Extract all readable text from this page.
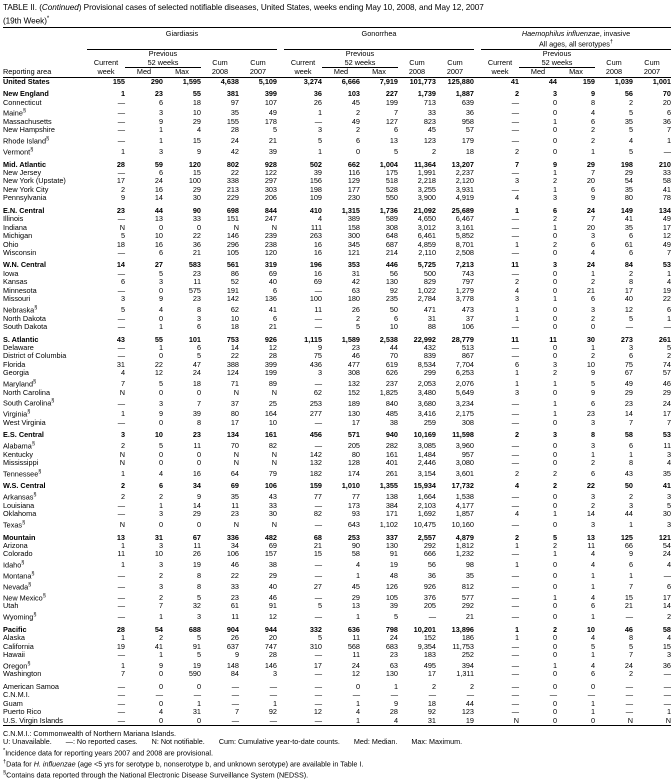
TABLE II. (Continued) Provisional cases of selected notifiable diseases, United States, weeks ending May 10, 2008, and May 12, 2007
(19th Week)*

	Giardiasis						Gonorrhea						Haemophilus influenzae, invasive				
													All ages, all serotypes†
		Previous						Previous						Previous			
	Current	52 weeks		Cum	Cum		Current	52 weeks		Cum	Cum		Current	52 weeks		Cum	Cum
Reporting area	week	Med	Max	2008	2007		week	Med	Max	2008	2007		week	Med	Max	2008	2007
United States	155	290	1,595	4,638	5,109		3,274	6,666	7,919	101,773	125,880		41	44	159	1,039	1,001

New England	1	23	55	381	399		36	103	227	1,739	1,887		2	3	9	56	70
Connecticut	—	6	18	97	107		26	45	199	713	639		—	0	8	2	20
Maine§	—	3	10	35	49		1	2	7	33	36		—	0	4	5	6
Massachusetts	—	9	29	155	178		—	49	127	823	958		—	1	6	35	36
New Hampshire	—	1	4	28	5		3	2	6	45	57		—	0	2	5	7
Rhode Island§	—	1	15	24	21		5	6	13	123	179		—	0	2	4	1
Vermont§	1	3	9	42	39		1	0	5	2	18		2	0	1	5	—

Mid. Atlantic	28	59	120	802	928		502	662	1,004	11,364	13,207		7	9	29	198	210
New Jersey	—	6	15	22	122		39	116	175	1,991	2,237		—	1	7	29	33
New York (Upstate)	17	24	100	338	297		156	129	518	2,218	2,120		3	2	20	54	58
New York City	2	16	29	213	303		198	177	528	3,255	3,931		—	1	6	35	41
Pennsylvania	9	14	30	229	206		109	230	550	3,900	4,919		4	3	9	80	78

E.N. Central	23	44	90	698	844		410	1,315	1,736	21,092	25,689		1	6	24	149	134
Illinois	—	13	33	151	247		4	389	589	4,650	6,467		—	2	7	41	49
Indiana	N	0	0	N	N		111	158	308	3,012	3,161		—	1	20	35	17
Michigan	5	10	22	146	239		263	300	648	6,461	5,852		—	0	3	6	12
Ohio	18	16	36	296	238		16	345	687	4,859	8,701		1	2	6	61	49
Wisconsin	—	6	21	105	120		16	121	214	2,110	2,508		—	0	4	6	7

W.N. Central	14	27	583	561	319		196	353	446	5,725	7,213		11	3	24	84	53
Iowa	—	5	23	86	69		16	31	56	500	743		—	0	1	2	1
Kansas	6	3	11	52	40		69	42	130	829	797		2	0	2	8	4
Minnesota	—	0	575	191	6		—	63	92	1,022	1,279		4	0	21	17	19
Missouri	3	9	23	142	136		100	180	235	2,784	3,778		3	1	6	40	22
Nebraska§	5	4	8	62	41		11	26	50	471	473		1	0	3	12	6
North Dakota	—	0	3	10	6		—	2	6	31	37		1	0	2	5	1
South Dakota	—	1	6	18	21		—	5	10	88	106		—	0	0	—	—

S. Atlantic	43	55	101	753	926		1,115	1,589	2,538	22,992	28,779		11	11	30	273	261
Delaware	—	1	6	14	12		9	23	44	432	513		—	0	1	3	5
District of Columbia	—	0	5	22	28		75	46	70	839	867		—	0	2	6	2
Florida	31	22	47	388	399		436	477	619	8,534	7,704		6	3	10	75	74
Georgia	4	12	24	124	199		3	308	626	299	6,253		1	2	9	67	57
Maryland§	7	5	18	71	89		—	132	237	2,053	2,076		1	1	5	49	46
North Carolina	N	0	0	N	N		62	152	1,825	3,480	5,649		3	0	9	29	29
South Carolina§	—	3	7	37	25		253	189	840	3,680	3,234		—	1	6	23	24
Virginia§	1	9	39	80	164		277	130	485	3,416	2,175		—	1	23	14	17
West Virginia	—	0	8	17	10		—	17	38	259	308		—	0	3	7	7

E.S. Central	3	10	23	134	161		456	571	940	10,169	11,598		2	3	8	58	53
Alabama§	2	5	11	70	82		—	205	282	3,085	3,960		—	0	3	6	11
Kentucky	N	0	0	N	N		142	80	161	1,484	957		—	0	1	1	3
Mississippi	N	0	0	N	N		132	128	401	2,446	3,080		—	0	2	8	4
Tennessee§	1	4	16	64	79		182	174	261	3,154	3,601		2	2	6	43	35

W.S. Central	2	6	34	69	106		159	1,010	1,355	15,934	17,732		4	2	22	50	41
Arkansas§	2	2	9	35	43		77	77	138	1,664	1,538		—	0	3	2	3
Louisiana	—	1	14	11	33		—	173	384	2,103	4,177		—	0	2	3	5
Oklahoma	—	3	29	23	30		82	93	171	1,692	1,857		4	1	14	44	30
Texas§	N	0	0	N	N		—	643	1,102	10,475	10,160		—	0	3	1	3

Mountain	13	31	67	336	482		68	253	337	2,557	4,879		2	5	13	125	121
Arizona	1	3	11	34	69		21	90	130	292	1,812		1	2	11	66	54
Colorado	11	10	26	106	157		15	58	91	666	1,232		—	1	4	9	24
Idaho§	1	3	19	46	38		—	4	19	56	98		1	0	4	6	4
Montana§	—	2	8	22	29		—	1	48	36	35		—	0	1	1	—
Nevada§	—	3	8	33	40		27	45	126	926	812		—	0	1	7	6
New Mexico§	—	2	5	23	46		—	29	105	376	577		—	1	4	15	17
Utah	—	7	32	61	91		5	13	39	205	292		—	0	6	21	14
Wyoming§	—	1	3	11	12		—	1	5	—	21		—	0	1	—	2

Pacific	28	54	688	904	944		332	636	798	10,201	13,896		1	2	10	46	58
Alaska	1	2	5	26	20		5	11	24	152	186		1	0	4	8	4
California	19	41	91	637	747		310	568	683	9,354	11,753		—	0	5	5	15
Hawaii	—	1	5	9	28		—	11	23	183	252		—	0	1	7	3
Oregon§	1	9	19	148	146		17	24	63	495	394		—	1	4	24	36
Washington	7	0	590	84	3		—	12	130	17	1,311		—	0	6	2	—

American Samoa	—	0	0	—	—		—	0	1	2	2		—	0	0	—	—
C.N.M.I.	—	—	—	—	—		—	—	—	—	—		—	—	—	—	—
Guam	—	0	1	—	1		—	1	9	18	44		—	0	1	—	—
Puerto Rico	—	4	31	7	92		12	4	28	92	123		—	0	1	—	1
U.S. Virgin Islands	—	0	0	—	—		—	1	4	31	19		N	0	0	N	N

C.N.M.I.: Commonwealth of Northern Mariana Islands.
U: Unavailable. —: No reported cases. N: Not notifiable. Cum: Cumulative year-to-date counts. Med: Median. Max: Maximum.
*Incidence data for reporting years 2007 and 2008 are provisional.
†Data for H. influenzae (age <5 yrs for serotype b, nonserotype b, and unknown serotype) are available in Table I.
§Contains data reported through the National Electronic Disease Surveillance System (NEDSS).
